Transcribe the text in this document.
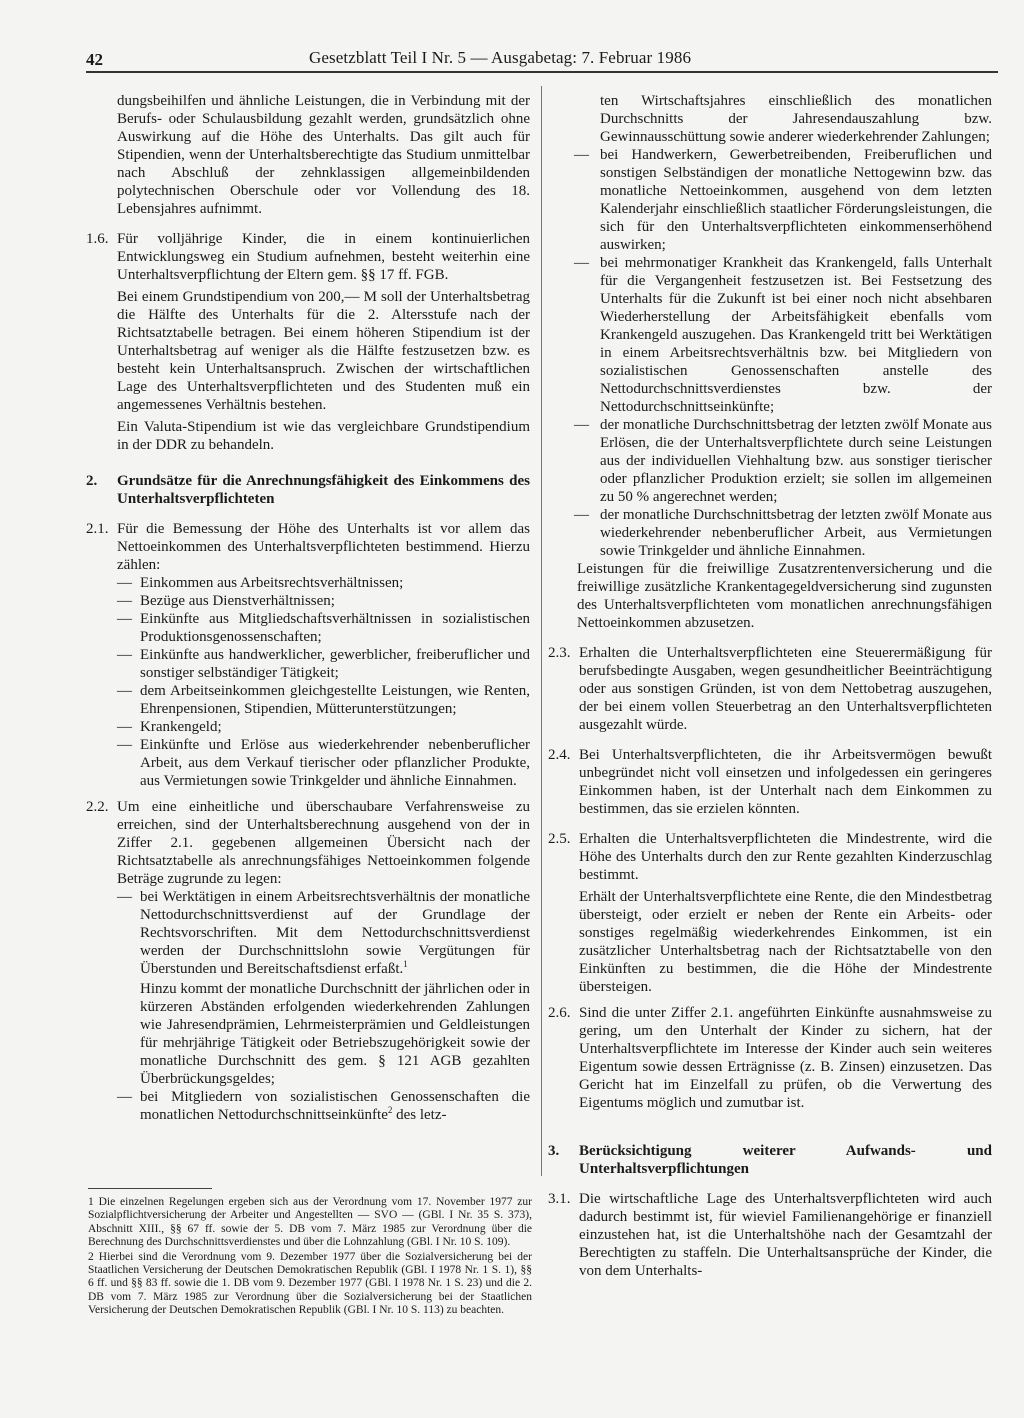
42	Gesetzblatt Teil I Nr. 5 — Ausgabetag: 7. Februar 1986

dungsbeihilfen und ähnliche Leistungen, die in Verbindung mit der Berufs- oder Schulausbildung gezahlt werden, grundsätzlich ohne Auswirkung auf die Höhe des Unterhalts. Das gilt auch für Stipendien, wenn der Unterhaltsberechtigte das Studium unmittelbar nach Abschluß der zehnklassigen allgemeinbildenden polytechnischen Oberschule oder vor Vollendung des 18. Lebensjahres aufnimmt.

1.6. Für volljährige Kinder, die in einem kontinuierlichen Entwicklungsweg ein Studium aufnehmen, besteht weiterhin eine Unterhaltsverpflichtung der Eltern gem. §§ 17 ff. FGB.

Bei einem Grundstipendium von 200,— M soll der Unterhaltsbetrag die Hälfte des Unterhalts für die 2. Altersstufe nach der Richtsatztabelle betragen. Bei einem höheren Stipendium ist der Unterhaltsbetrag auf weniger als die Hälfte festzusetzen bzw. es besteht kein Unterhaltsanspruch. Zwischen der wirtschaftlichen Lage des Unterhaltsverpflichteten und des Studenten muß ein angemessenes Verhältnis bestehen.

Ein Valuta-Stipendium ist wie das vergleichbare Grundstipendium in der DDR zu behandeln.

2.	Grundsätze für die Anrechnungsfähigkeit des Einkommens des Unterhaltsverpflichteten

2.1. Für die Bemessung der Höhe des Unterhalts ist vor allem das Nettoeinkommen des Unterhaltsverpflichteten bestimmend. Hierzu zählen:

— Einkommen aus Arbeitsrechtsverhältnissen;
— Bezüge aus Dienstverhältnissen;
— Einkünfte aus Mitgliedschaftsverhältnissen in sozialistischen Produktionsgenossenschaften;
— Einkünfte aus handwerklicher, gewerblicher, freiberuflicher und sonstiger selbständiger Tätigkeit;
— dem Arbeitseinkommen gleichgestellte Leistungen, wie Renten, Ehrenpensionen, Stipendien, Mütterunterstützungen;
— Krankengeld;
— Einkünfte und Erlöse aus wiederkehrender nebenberuflicher Arbeit, aus dem Verkauf tierischer oder pflanzlicher Produkte, aus Vermietungen sowie Trinkgelder und ähnliche Einnahmen.
2.2. Um eine einheitliche und überschaubare Verfahrensweise zu erreichen, sind der Unterhaltsberechnung ausgehend von der in Ziffer 2.1. gegebenen allgemeinen Übersicht nach der Richtsatztabelle als anrechnungsfähiges Nettoeinkommen folgende Beträge zugrunde zu legen:

— bei Werktätigen in einem Arbeitsrechtsverhältnis der monatliche Nettodurchschnittsverdienst auf der Grundlage der Rechtsvorschriften. Mit dem Nettodurchschnittsverdienst werden der Durchschnittslohn sowie Vergütungen für Überstunden und Bereitschaftsdienst erfaßt.$^1$

Hinzu kommt der monatliche Durchschnitt der jährlichen oder in kürzeren Abständen erfolgenden wiederkehrenden Zahlungen wie Jahresendprämien, Lehrmeisterprämien und Geldleistungen für mehrjährige Tätigkeit oder Betriebszugehörigkeit sowie der monatliche Durchschnitt des gem. § 121 AGB gezahlten Überbrückungsgeldes;

— bei Mitgliedern von sozialistischen Genossenschaften die monatlichen Nettodurchschnittseinkünfte$^2$ des letz-

1 Die einzelnen Regelungen ergeben sich aus der Verordnung vom 17. November 1977 zur Sozialpflichtversicherung der Arbeiter und Angestellten — SVO — (GBl. I Nr. 35 S. 373), Abschnitt XIII., §§ 67 ff. sowie der 5. DB vom 7. März 1985 zur Verordnung über die Berechnung des Durchschnittsverdienstes und über die Lohnzahlung (GBl. I Nr. 10 S. 109).

2 Hierbei sind die Verordnung vom 9. Dezember 1977 über die Sozialversicherung bei der Staatlichen Versicherung der Deutschen Demokratischen Republik (GBl. I 1978 Nr. 1 S. 1), §§ 6 ff. und §§ 83 ff. sowie die 1. DB vom 9. Dezember 1977 (GBl. I 1978 Nr. 1 S. 23) und die 2. DB vom 7. März 1985 zur Verordnung über die Sozialversicherung bei der Staatlichen Versicherung der Deutschen Demokratischen Republik (GBl. I Nr. 10 S. 113) zu beachten.

ten Wirtschaftsjahres einschließlich des monatlichen Durchschnitts der Jahresendauszahlung bzw. Gewinnausschüttung sowie anderer wiederkehrender Zahlungen;

— bei Handwerkern, Gewerbetreibenden, Freiberuflichen und sonstigen Selbständigen der monatliche Nettogewinn bzw. das monatliche Nettoeinkommen, ausgehend von dem letzten Kalenderjahr einschließlich staatlicher Förderungsleistungen, die sich für den Unterhaltsverpflichteten einkommenserhöhend auswirken;
— bei mehrmonatiger Krankheit das Krankengeld, falls Unterhalt für die Vergangenheit festzusetzen ist. Bei Festsetzung des Unterhalts für die Zukunft ist bei einer noch nicht absehbaren Wiederherstellung der Arbeitsfähigkeit ebenfalls vom Krankengeld auszugehen. Das Krankengeld tritt bei Werktätigen in einem Arbeitsrechtsverhältnis bzw. bei Mitgliedern von sozialistischen Genossenschaften anstelle des Nettodurchschnittsverdienstes bzw. der Nettodurchschnittseinkünfte;
— der monatliche Durchschnittsbetrag der letzten zwölf Monate aus Erlösen, die der Unterhaltsverpflichtete durch seine Leistungen aus der individuellen Viehhaltung bzw. aus sonstiger tierischer oder pflanzlicher Produktion erzielt; sie sollen im allgemeinen zu 50 % angerechnet werden;
— der monatliche Durchschnittsbetrag der letzten zwölf Monate aus wiederkehrender nebenberuflicher Arbeit, aus Vermietungen sowie Trinkgelder und ähnliche Einnahmen.

Leistungen für die freiwillige Zusatzrentenversicherung und die freiwillige zusätzliche Krankentagegeldversicherung sind zugunsten des Unterhaltsverpflichteten vom monatlichen anrechnungsfähigen Nettoeinkommen abzusetzen.

2.3. Erhalten die Unterhaltsverpflichteten eine Steuerermäßigung für berufsbedingte Ausgaben, wegen gesundheitlicher Beeinträchtigung oder aus sonstigen Gründen, ist von dem Nettobetrag auszugehen, der bei einem vollen Steuerbetrag an den Unterhaltsverpflichteten ausgezahlt würde.

2.4. Bei Unterhaltsverpflichteten, die ihr Arbeitsvermögen bewußt unbegründet nicht voll einsetzen und infolgedessen ein geringeres Einkommen haben, ist der Unterhalt nach dem Einkommen zu bestimmen, das sie erzielen könnten.

2.5. Erhalten die Unterhaltsverpflichteten die Mindestrente, wird die Höhe des Unterhalts durch den zur Rente gezahlten Kinderzuschlag bestimmt.

Erhält der Unterhaltsverpflichtete eine Rente, die den Mindestbetrag übersteigt, oder erzielt er neben der Rente ein Arbeits- oder sonstiges regelmäßig wiederkehrendes Einkommen, ist ein zusätzlicher Unterhaltsbetrag nach der Richtsatztabelle von den Einkünften zu bestimmen, die die Höhe der Mindestrente übersteigen.

2.6. Sind die unter Ziffer 2.1. angeführten Einkünfte ausnahmsweise zu gering, um den Unterhalt der Kinder zu sichern, hat der Unterhaltsverpflichtete im Interesse der Kinder auch sein weiteres Eigentum sowie dessen Erträgnisse (z. B. Zinsen) einzusetzen. Das Gericht hat im Einzelfall zu prüfen, ob die Verwertung des Eigentums möglich und zumutbar ist.

3.	Berücksichtigung weiterer Aufwands- und Unterhaltsverpflichtungen

3.1. Die wirtschaftliche Lage des Unterhaltsverpflichteten wird auch dadurch bestimmt ist, für wieviel Familienangehörige er finanziell einzustehen hat, ist die Unterhaltshöhe nach der Gesamtzahl der Berechtigten zu staffeln. Die Unterhaltsansprüche der Kinder, die von dem Unterhalts-
